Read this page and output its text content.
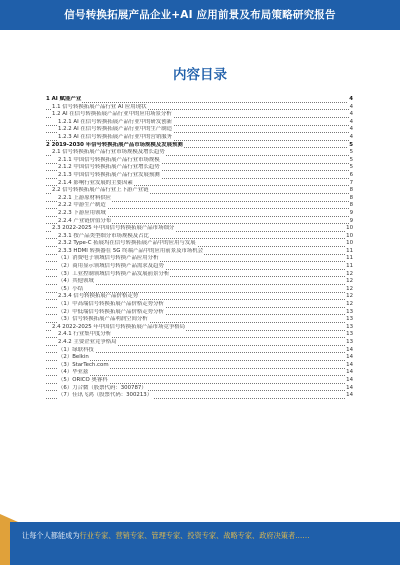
信号转换拓展产品企业+AI 应用前景及布局策略研究报告
内容目录
1 AI 赋能产业	4
1.1 信号转换拓展产品行业 AI 应用现状	4
1.2 AI 在信号转换拓展产品行业中的应用场景分析	4
1.2.1 AI 在信号转换拓展产品行业中的研发创新	4
1.2.2 AI 在信号转换拓展产品行业中的生产制造	4
1.2.3 AI 在信号转换拓展产品行业中的营销服务	4
2 2019-2030 年信号转换拓展产品市场规模及发展预测	5
2.1 信号转换拓展产品行业市场规模及增长趋势	5
2.1.1 中国信号转换拓展产品行业市场规模	5
2.1.2 中国信号转换拓展产品行业增长趋势	5
2.1.3 中国信号转换拓展产品行业发展预测	6
2.1.4 影响行业发展的主要因素	7
2.2 信号转换拓展产品行业上下游产业链	8
2.2.1 上游原材料供应	8
2.2.2 中游生产制造	8
2.2.3 下游应用领域	9
2.2.4 产业链价值分布	9
2.3 2022-2025 年中国信号转换拓展产品市场细分	10
2.3.1 按产品类型细分市场规模及占比	10
2.3.2 Type-C 拓展坞在信号转换拓展产品中的应用与发展	10
2.3.3 HDMI 转换器在 5G 终端产品中的应用前景及市场机会	11
（1）消费电子领域信号转换产品应用分析	11
（2）商用显示领域信号转换产品需求及趋势	11
（3）工业控制领域信号转换产品发展前景分析	12
（4）其他领域	12
（5）小结	12
2.3.4 信号转换拓展产品价格走势	12
（1）中高端信号转换拓展产品价格走势分析	12
（2）中低端信号转换拓展产品价格走势分析	13
（3）信号转换拓展产品利润空间分析	13
2.4 2022-2025 年中国信号转换拓展产品市场竞争格局	13
2.4.1 行业集中度分析	13
2.4.2 主要企业竞争格局	13
（1）绿联科技	14
（2）Belkin	14
（3）StarTech.com	14
（4）毕亚兹	14
（5）ORICO 奥睿科	14
（6）力合微（股票代码：300787）	14
（7）佳讯飞鸿（股票代码：300213）	14
让每个人都能成为行业专家、营销专家、管理专家、投资专家、战略专家、政府决策者……
